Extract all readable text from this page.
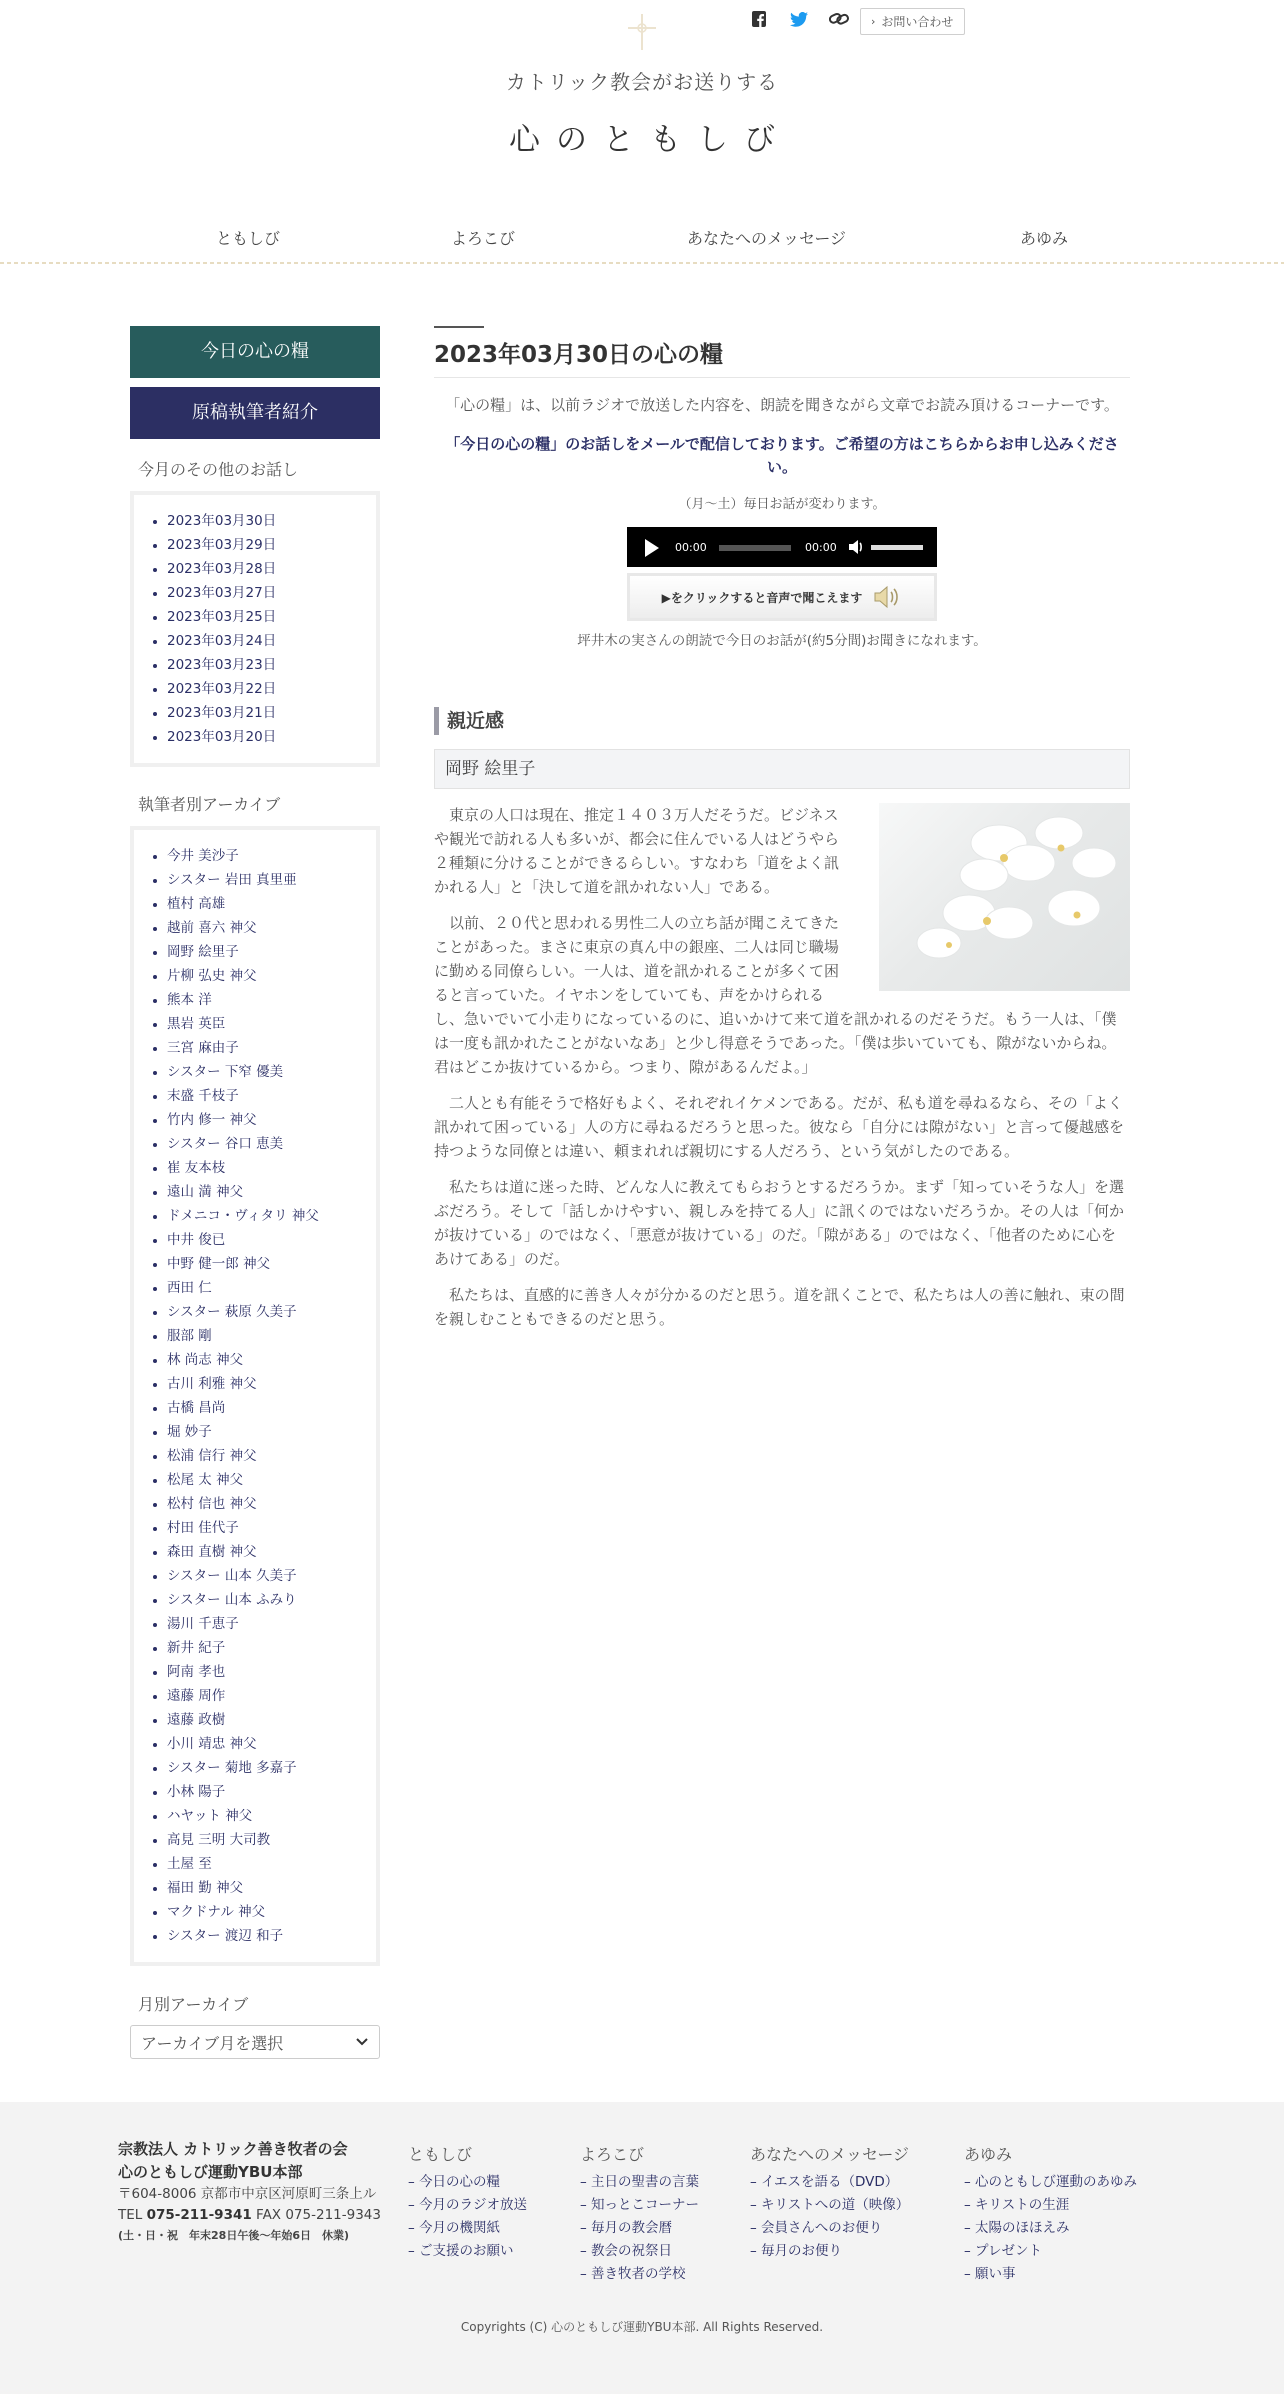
› お問い合わせ
カトリック教会がお送りする
心のともしび
ともしび	よろこび	あなたへのメッセージ	あゆみ
今日の心の糧
原稿執筆者紹介
今月のその他のお話し
2023年03月30日
2023年03月29日
2023年03月28日
2023年03月27日
2023年03月25日
2023年03月24日
2023年03月23日
2023年03月22日
2023年03月21日
2023年03月20日
執筆者別アーカイブ
今井 美沙子
シスター 岩田 真里亜
植村 高雄
越前 喜六 神父
岡野 絵里子
片柳 弘史 神父
熊本 洋
黒岩 英臣
三宮 麻由子
シスター 下窄 優美
末盛 千枝子
竹内 修一 神父
シスター 谷口 恵美
崔 友本枝
遠山 満 神父
ドメニコ・ヴィタリ 神父
中井 俊已
中野 健一郎 神父
西田 仁
シスター 萩原 久美子
服部 剛
林 尚志 神父
古川 利雅 神父
古橋 昌尚
堀 妙子
松浦 信行 神父
松尾 太 神父
松村 信也 神父
村田 佳代子
森田 直樹 神父
シスター 山本 久美子
シスター 山本 ふみり
湯川 千恵子
新井 紀子
阿南 孝也
遠藤 周作
遠藤 政樹
小川 靖忠 神父
シスター 菊地 多嘉子
小林 陽子
ハヤット 神父
高見 三明 大司教
土屋 至
福田 勤 神父
マクドナル 神父
シスター 渡辺 和子
月別アーカイブ
アーカイブ月を選択
2023年03月30日の心の糧

「心の糧」は、以前ラジオで放送した内容を、朗読を聞きながら文章でお読み頂けるコーナーです。

「今日の心の糧」のお話しをメールで配信しております。ご希望の方はこちらからお申し込みください。

（月～土）毎日お話が変わります。

00:00	00:00
▶をクリックすると音声で聞こえます

坪井木の実さんの朗読で今日のお話が(約5分間)お聞きになれます。

親近感
岡野 絵里子

東京の人口は現在、推定１４０３万人だそうだ。ビジネスや観光で訪れる人も多いが、都会に住んでいる人はどうやら２種類に分けることができるらしい。すなわち「道をよく訊かれる人」と「決して道を訊かれない人」である。

以前、２０代と思われる男性二人の立ち話が聞こえてきたことがあった。まさに東京の真ん中の銀座、二人は同じ職場に勤める同僚らしい。一人は、道を訊かれることが多くて困ると言っていた。イヤホンをしていても、声をかけられるし、急いでいて小走りになっているのに、追いかけて来て道を訊かれるのだそうだ。もう一人は、「僕は一度も訊かれたことがないなあ」と少し得意そうであった。「僕は歩いていても、隙がないからね。君はどこか抜けているから。つまり、隙があるんだよ。」

二人とも有能そうで格好もよく、それぞれイケメンである。だが、私も道を尋ねるなら、その「よく訊かれて困っている」人の方に尋ねるだろうと思った。彼なら「自分には隙がない」と言って優越感を持つような同僚とは違い、頼まれれば親切にする人だろう、という気がしたのである。

私たちは道に迷った時、どんな人に教えてもらおうとするだろうか。まず「知っていそうな人」を選ぶだろう。そして「話しかけやすい、親しみを持てる人」に訊くのではないだろうか。その人は「何かが抜けている」のではなく、「悪意が抜けている」のだ。「隙がある」のではなく、「他者のために心をあけてある」のだ。

私たちは、直感的に善き人々が分かるのだと思う。道を訊くことで、私たちは人の善に触れ、束の間を親しむこともできるのだと思う。

宗教法人 カトリック善き牧者の会
心のともしび運動YBU本部
〒604-8006 京都市中京区河原町三条上ル
TEL 075-211-9341 FAX 075-211-9343
(土・日・祝　年末28日午後～年始6日　休業)
ともしび
– 今日の心の糧
– 今月のラジオ放送
– 今月の機関紙
– ご支援のお願い
よろこび
– 主日の聖書の言葉
– 知っとこコーナー
– 毎月の教会暦
– 教会の祝祭日
– 善き牧者の学校
あなたへのメッセージ
– イエスを語る（DVD）
– キリストへの道（映像）
– 会員さんへのお便り
– 毎月のお便り
あゆみ
– 心のともしび運動のあゆみ
– キリストの生涯
– 太陽のほほえみ
– プレゼント
– 願い事
Copyrights (C) 心のともしび運動YBU本部. All Rights Reserved.
